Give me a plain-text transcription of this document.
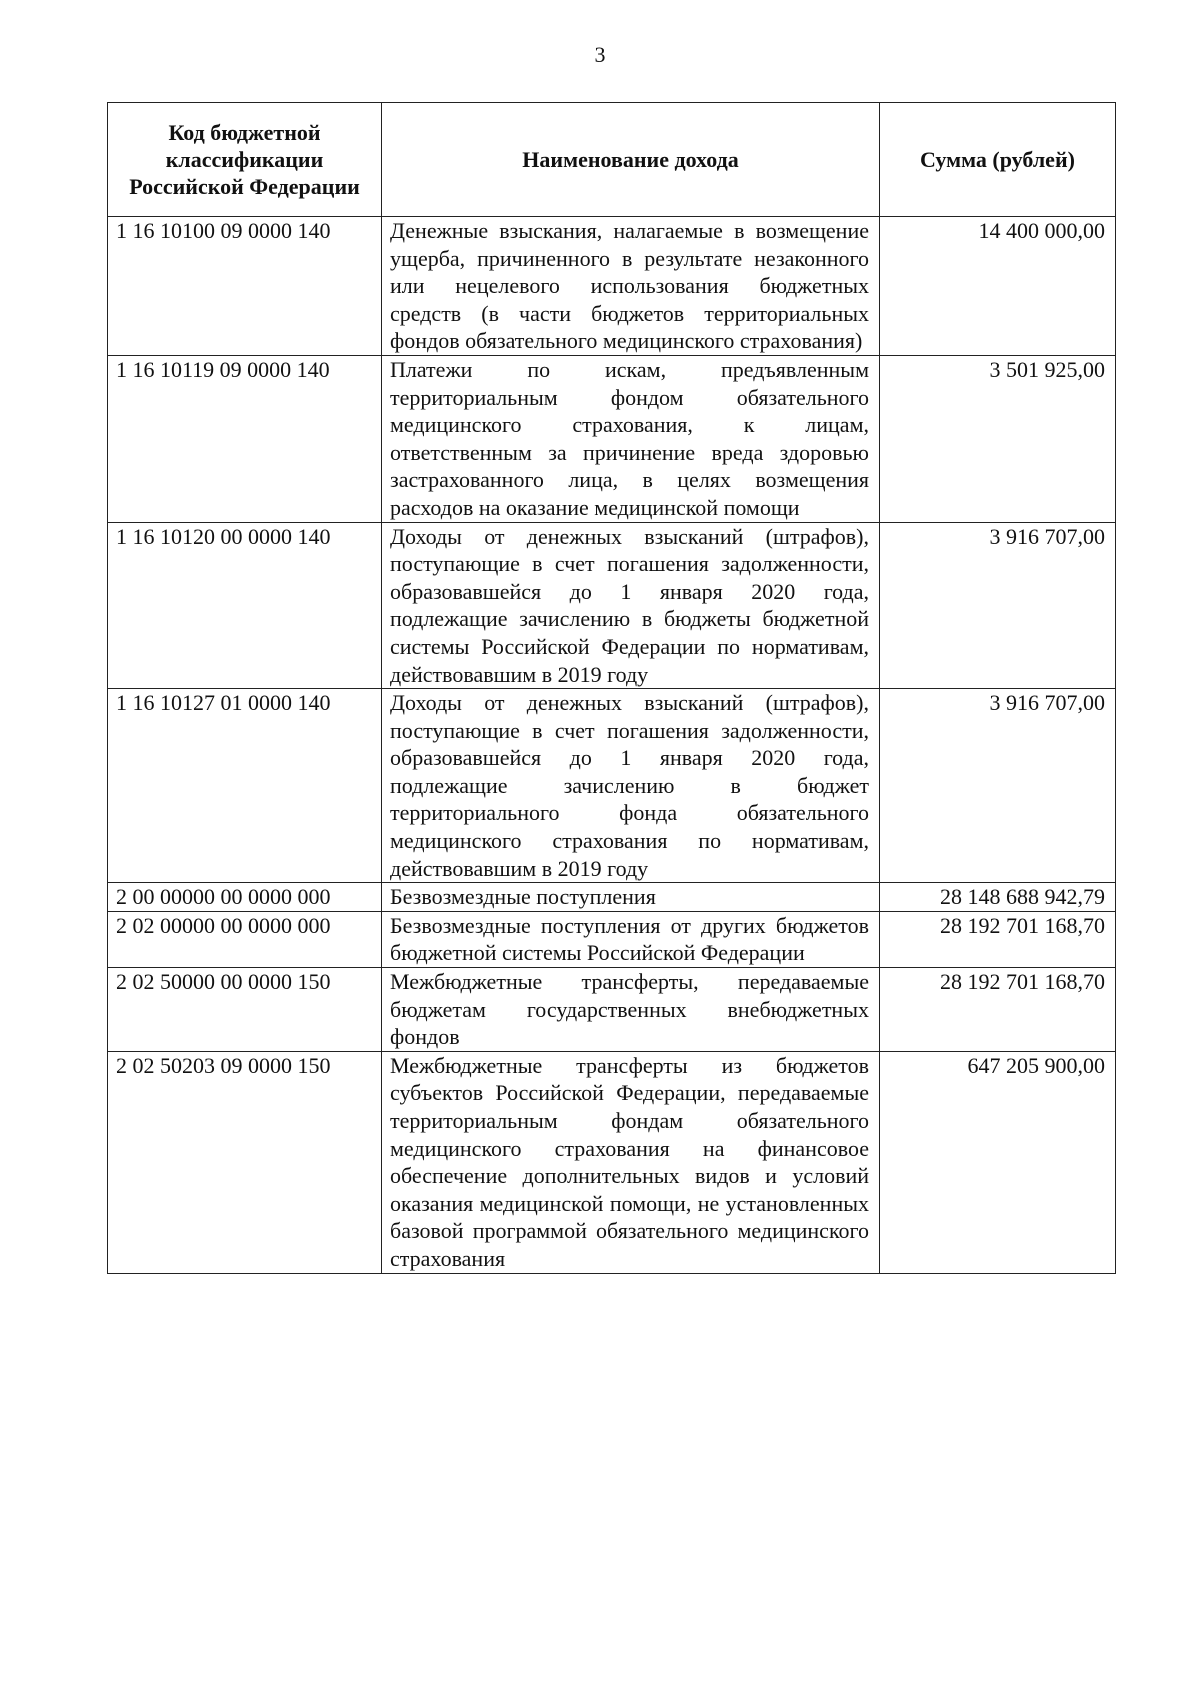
3
Код бюджетной классификации Российской Федерации	Наименование дохода	Сумма (рублей)
1 16 10100 09 0000 140	Денежные взыскания, налагаемые в возмещение ущерба, причиненного в результате незаконного или нецелевого использования бюджетных средств (в части бюджетов территориальных фондов обязательного медицинского страхования)	14 400 000,00
1 16 10119 09 0000 140	Платежи по искам, предъявленным территориальным фондом обязательного медицинского страхования, к лицам, ответственным за причинение вреда здоровью застрахованного лица, в целях возмещения расходов на оказание медицинской помощи	3 501 925,00
1 16 10120 00 0000 140	Доходы от денежных взысканий (штрафов), поступающие в счет погашения задолженности, образовавшейся до 1 января 2020 года, подлежащие зачислению в бюджеты бюджетной системы Российской Федерации по нормативам, действовавшим в 2019 году	3 916 707,00
1 16 10127 01 0000 140	Доходы от денежных взысканий (штрафов), поступающие в счет погашения задолженности, образовавшейся до 1 января 2020 года, подлежащие зачислению в бюджет территориального фонда обязательного медицинского страхования по нормативам, действовавшим в 2019 году	3 916 707,00
2 00 00000 00 0000 000	Безвозмездные поступления	28 148 688 942,79
2 02 00000 00 0000 000	Безвозмездные поступления от других бюджетов бюджетной системы Российской Федерации	28 192 701 168,70
2 02 50000 00 0000 150	Межбюджетные трансферты, передаваемые бюджетам государственных внебюджетных фондов	28 192 701 168,70
2 02 50203 09 0000 150	Межбюджетные трансферты из бюджетов субъектов Российской Федерации, передаваемые территориальным фондам обязательного медицинского страхования на финансовое обеспечение дополнительных видов и условий оказания медицинской помощи, не установленных базовой программой обязательного медицинского страхования	647 205 900,00
